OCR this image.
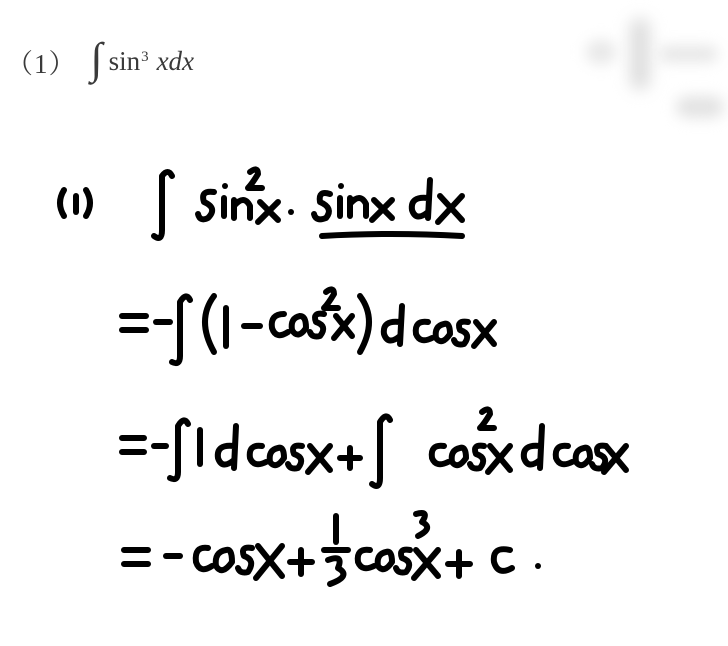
（1） ∫ $\sin^3$ xdx
